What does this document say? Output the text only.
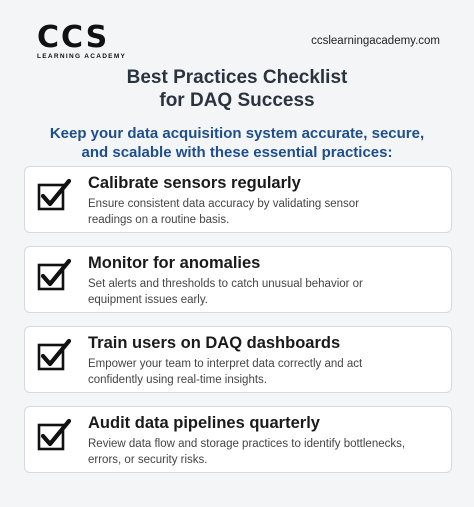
CCS
LEARNING ACADEMY
ccslearningacademy.com
Best Practices Checklist
for DAQ Success
Keep your data acquisition system accurate, secure,
and scalable with these essential practices:
Calibrate sensors regularly
Ensure consistent data accuracy by validating sensor
readings on a routine basis.
Monitor for anomalies
Set alerts and thresholds to catch unusual behavior or
equipment issues early.
Train users on DAQ dashboards
Empower your team to interpret data correctly and act
confidently using real-time insights.
Audit data pipelines quarterly
Review data flow and storage practices to identify bottlenecks,
errors, or security risks.
